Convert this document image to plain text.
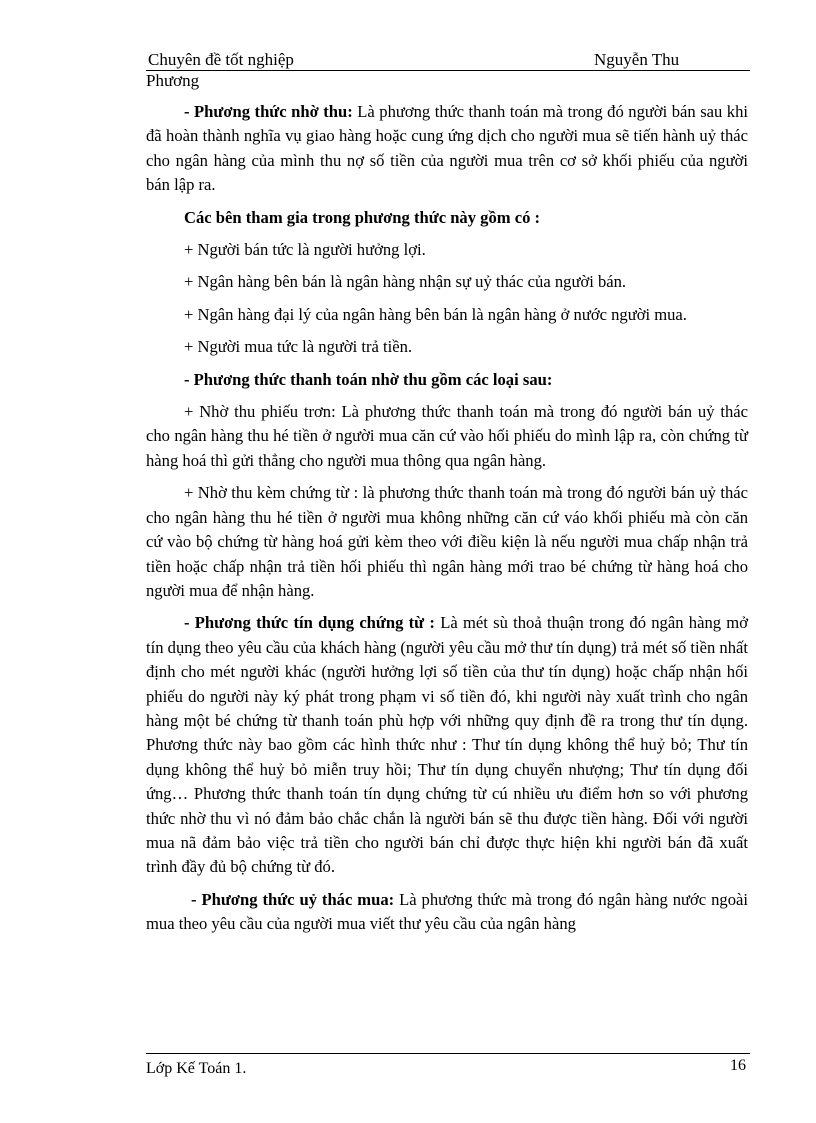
Chuyên đề tốt nghiệp	Nguyễn Thu
Phương

- Phương thức nhờ thu: Là phương thức thanh toán mà trong đó người bán sau khi đã hoàn thành nghĩa vụ giao hàng hoặc cung ứng dịch cho người mua sẽ tiến hành uỷ thác cho ngân hàng của mình thu nợ số tiền của người mua trên cơ sở khối phiếu của người bán lập ra.

Các bên tham gia trong phương thức này gồm có :

+ Người bán tức là người hưởng lợi.

+ Ngân hàng bên bán là ngân hàng nhận sự uỷ thác của người bán.

+ Ngân hàng đại lý của ngân hàng bên bán là ngân hàng ở nước người mua.

+ Người mua tức là người trả tiền.

- Phương thức thanh toán nhờ thu gồm các loại sau:

+ Nhờ thu phiếu trơn: Là phương thức thanh toán mà trong đó người bán uỷ thác cho ngân hàng thu hé tiền ở người mua căn cứ vào hối phiếu do mình lập ra, còn chứng từ hàng hoá thì gửi thẳng cho người mua thông qua ngân hàng.

+ Nhờ thu kèm chứng từ : là phương thức thanh toán mà trong đó người bán uỷ thác cho ngân hàng thu hé tiền ở người mua không những căn cứ váo khối phiếu mà còn căn cứ vào bộ chứng từ hàng hoá gửi kèm theo với điều kiện là nếu người mua chấp nhận trả tiền hoặc chấp nhận trả tiền hối phiếu thì ngân hàng mới trao bé chứng từ hàng hoá cho người mua để nhận hàng.

- Phương thức tín dụng chứng từ : Là mét sù thoả thuận trong đó ngân hàng mở tín dụng theo yêu cầu của khách hàng (người yêu cầu mở thư tín dụng) trả mét số tiền nhất định cho mét người khác (người hưởng lợi số tiền của thư tín dụng) hoặc chấp nhận hối phiếu do người này ký phát trong phạm vi số tiền đó, khi người này xuất trình cho ngân hàng một bé chứng từ thanh toán phù hợp với những quy định đề ra trong thư tín dụng. Phương thức này bao gồm các hình thức như : Thư tín dụng không thể huỷ bỏ; Thư tín dụng không thể huỷ bỏ miễn truy hồi; Thư tín dụng chuyển nhượng; Thư tín dụng đối ứng… Phương thức thanh toán tín dụng chứng từ cú nhiều ưu điểm hơn so với phương thức nhờ thu vì nó đảm bảo chắc chắn là người bán sẽ thu được tiền hàng. Đối với người mua nã đảm bảo việc trả tiền cho người bán chỉ được thực hiện khi người bán đã xuất trình đầy đủ bộ chứng từ đó.

- Phương thức uỷ thác mua: Là phương thức mà trong đó ngân hàng nước ngoài mua theo yêu cầu của người mua viết thư yêu cầu của ngân hàng

Lớp Kế Toán 1.	16
